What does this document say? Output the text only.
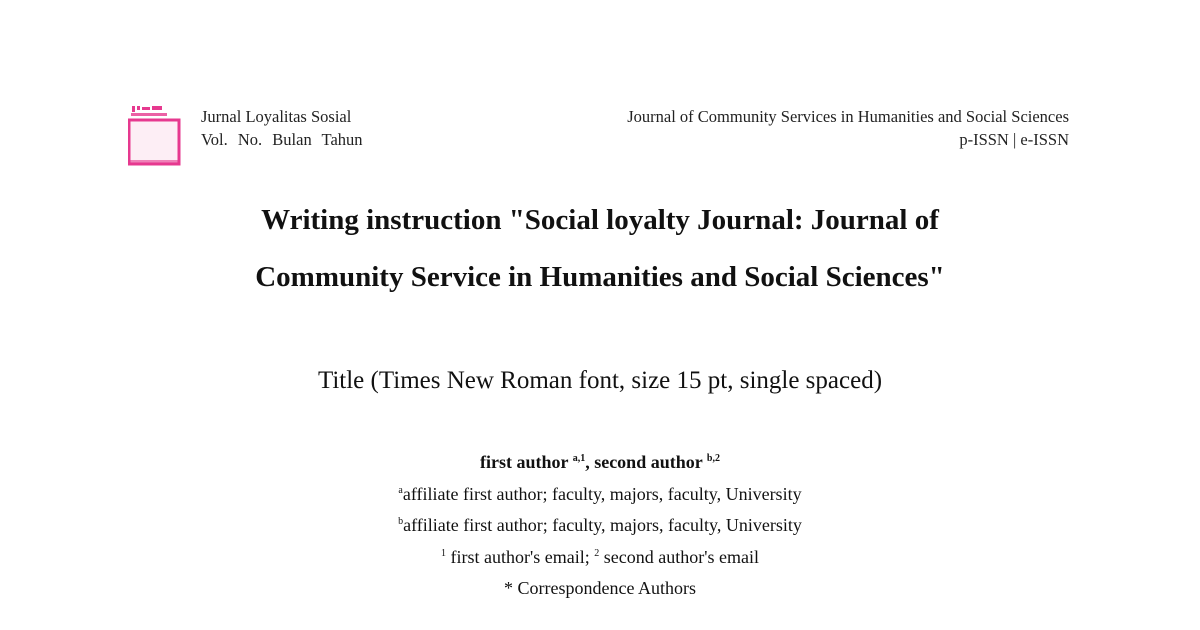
Jurnal Loyalitas Sosial
Vol. No. Bulan Tahun
Journal of Community Services in Humanities and Social Sciences
p-ISSN | e-ISSN
Writing instruction "Social loyalty Journal: Journal of
Community Service in Humanities and Social Sciences"
Title (Times New Roman font, size 15 pt, single spaced)
first author $^{a,1}$, second author $^{b,2}$
$^a$affiliate first author; faculty, majors, faculty, University
$^b$affiliate first author; faculty, majors, faculty, University
$^1$ first author's email; $^2$ second author's email
* Correspondence Authors
